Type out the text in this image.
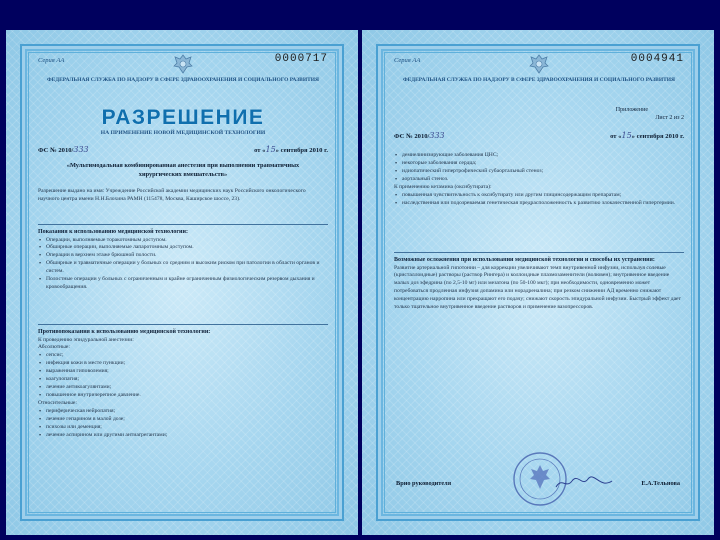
Серия АА	0000717
ФЕДЕРАЛЬНАЯ СЛУЖБА ПО НАДЗОРУ В СФЕРЕ ЗДРАВООХРАНЕНИЯ И СОЦИАЛЬНОГО РАЗВИТИЯ
РАЗРЕШЕНИЕ
НА ПРИМЕНЕНИЕ НОВОЙ МЕДИЦИНСКОЙ ТЕХНОЛОГИИ
ФС № 2010/333	от «15» сентября 2010 г.
«Мультимодальная комбинированная анестезия при выполнении травматичных хирургических вмешательств»
Разрешение выдано на имя: Учреждение Российской академии медицинских наук Российского онкологического научного центра имени Н.Н.Блохина РАМН (115478, Москва, Каширское шоссе, 23).

Показания к использованию медицинской технологии:

• Операции, выполняемые торакотомным доступом.
• Обширные операции, выполняемые лапаротомным доступом.
• Операции в верхнем этаже брюшной полости.
• Обширные и травматичные операции у больных со средним и высоким риском при патологии в области органов и систем.
• Полостные операции у больных с ограниченным и крайне ограниченным физиологическим резервом дыхания и кровообращения.

Противопоказания к использованию медицинской технологии:

К проведению эпидуральной анестезии:

Абсолютные:

• сепсис;
• инфекция кожи в месте пункции;
• выраженная гиповолемия;
• коагулопатия;
• лечение антикоагулянтами;
• повышенное внутричерепное давление.

Относительные:

• периферическая нейропатия;
• лечение гепарином в малой дозе;
• психозы или деменция;
• лечение аспирином или другими антиагрегантами;
Серия АА	0004941
ФЕДЕРАЛЬНАЯ СЛУЖБА ПО НАДЗОРУ В СФЕРЕ ЗДРАВООХРАНЕНИЯ И СОЦИАЛЬНОГО РАЗВИТИЯ
Приложение
Лист 2 из 2
ФС № 2010/333	от «15» сентября 2010 г.
• демиелинизирующие заболевания ЦНС;
• некоторые заболевания сердца;
• идиопатический гипертрофический субаортальный стеноз;
• аортальный стеноз.

К применению кетамина (оксибутирата):

• повышенная чувствительность к оксибутирату или другим глицинсодержащим препаратам;
• наследственная или подозреваемая генетическая предрасположенность к развитию злокачественной гипертермии.

Возможные осложнения при использовании медицинской технологии и способы их устранения:

Развитие артериальной гипотонии – для коррекции увеличивают темп внутривенной инфузии, используя солевые (кристаллоидные) растворы (раствор Рингера) и коллоидные плазмозаменители (волювен); внутривенное введение малых доз эфедрина (по 2,5-10 мг) или мезатона (по 50-100 мкг); при необходимости, одновременно может потребоваться продленная инфузия допамина или норадреналина; при резком снижении АД временно снижают концентрацию нарропина или прекращают его подачу; снижают скорость эпидуральной инфузии. Быстрый эффект дает только тщательное внутривенное введение растворов и применение вазопрессоров.

Врио руководителя	Е.А.Тельнова
